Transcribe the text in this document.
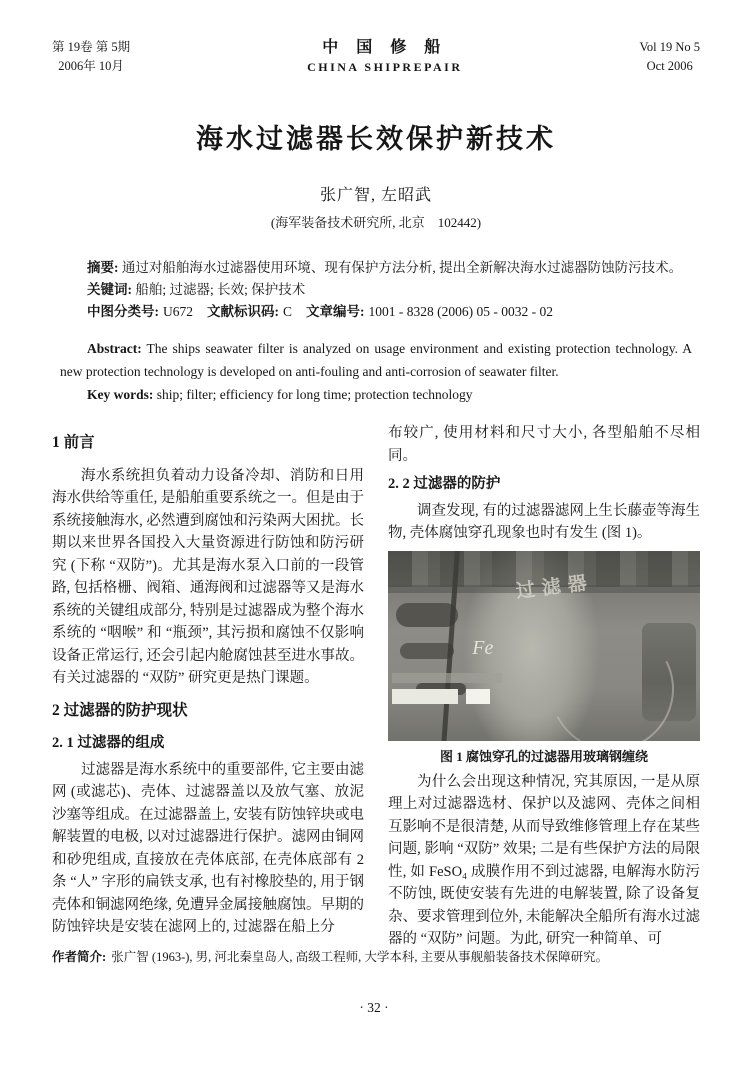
第 19卷 第 5期
2006年 10月
中 国 修 船
CHINA SHIPREPAIR
Vol 19 No 5
Oct 2006
海水过滤器长效保护新技术
张广智, 左昭武
(海军装备技术研究所, 北京　102442)

摘要: 通过对船舶海水过滤器使用环境、现有保护方法分析, 提出全新解决海水过滤器防蚀防污技术。

关键词: 船舶; 过滤器; 长效; 保护技术

中图分类号: U672 文献标识码: C 文章编号: 1001 - 8328 (2006) 05 - 0032 - 02

Abstract: The ships seawater filter is analyzed on usage environment and existing protection technology. A new protection technology is developed on anti-fouling and anti-corrosion of seawater filter.

Key words: ship; filter; efficiency for long time; protection technology

1 前言

海水系统担负着动力设备冷却、消防和日用海水供给等重任, 是船舶重要系统之一。但是由于系统接触海水, 必然遭到腐蚀和污染两大困扰。长期以来世界各国投入大量资源进行防蚀和防污研究 (下称 “双防”)。尤其是海水泵入口前的一段管路, 包括格栅、阀箱、通海阀和过滤器等又是海水系统的关键组成部分, 特别是过滤器成为整个海水系统的 “咽喉” 和 “瓶颈”, 其污损和腐蚀不仅影响设备正常运行, 还会引起内舱腐蚀甚至进水事故。有关过滤器的 “双防” 研究更是热门课题。

2 过滤器的防护现状
2. 1 过滤器的组成

过滤器是海水系统中的重要部件, 它主要由滤网 (或滤芯)、壳体、过滤器盖以及放气塞、放泥沙塞等组成。在过滤器盖上, 安装有防蚀锌块或电解装置的电极, 以对过滤器进行保护。滤网由铜网和砂兜组成, 直接放在壳体底部, 在壳体底部有 2 条 “人” 字形的扁铁支承, 也有衬橡胶垫的, 用于钢壳体和铜滤网绝缘, 免遭异金属接触腐蚀。早期的防蚀锌块是安装在滤网上的, 过滤器在船上分

布较广, 使用材料和尺寸大小, 各型船舶不尽相同。

2. 2 过滤器的防护

调查发现, 有的过滤器滤网上生长藤壶等海生物, 壳体腐蚀穿孔现象也时有发生 (图 1)。

过滤器
Fe
图 1 腐蚀穿孔的过滤器用玻璃钢缠绕

为什么会出现这种情况, 究其原因, 一是从原理上对过滤器选材、保护以及滤网、壳体之间相互影响不是很清楚, 从而导致维修管理上存在某些问题, 影响 “双防” 效果; 二是有些保护方法的局限性, 如 FeSO₄ 成膜作用不到过滤器, 电解海水防污不防蚀, 既使安装有先进的电解装置, 除了设备复杂、要求管理到位外, 未能解决全船所有海水过滤器的 “双防” 问题。为此, 研究一种简单、可

作者简介: 张广智 (1963-), 男, 河北秦皇岛人, 高级工程师, 大学本科, 主要从事舰船装备技术保障研究。
· 32 ·
